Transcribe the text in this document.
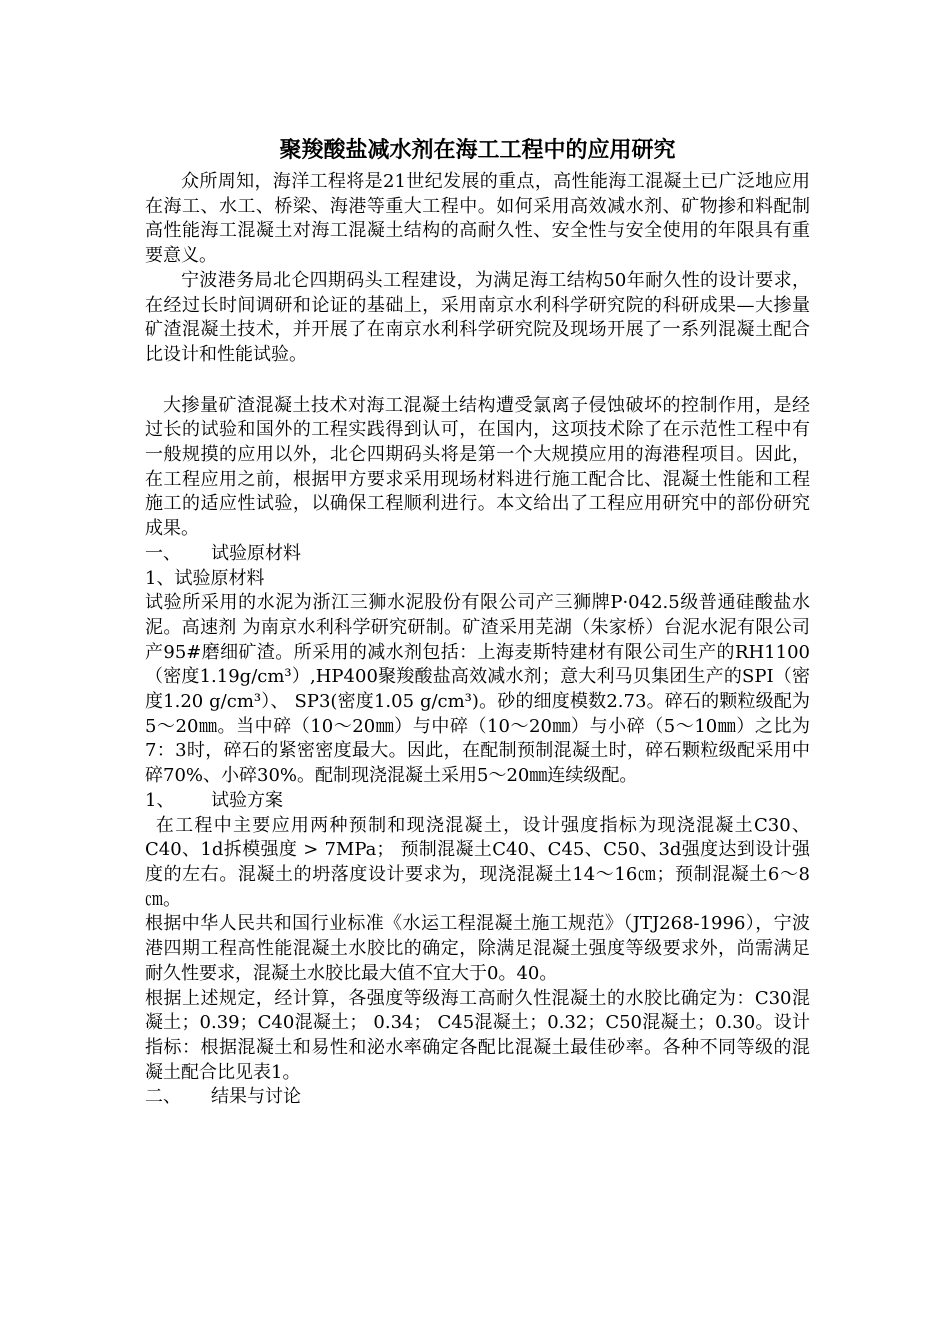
聚羧酸盐减水剂在海工工程中的应用研究

众所周知，海洋工程将是21世纪发展的重点，高性能海工混凝土已广泛地应用在海工、水工、桥梁、海港等重大工程中。如何采用高效减水剂、矿物掺和料配制高性能海工混凝土对海工混凝土结构的高耐久性、安全性与安全使用的年限具有重要意义。

宁波港务局北仑四期码头工程建设，为满足海工结构50年耐久性的设计要求，在经过长时间调研和论证的基础上，采用南京水利科学研究院的科研成果—大掺量矿渣混凝土技术，并开展了在南京水利科学研究院及现场开展了一系列混凝土配合比设计和性能试验。

大掺量矿渣混凝土技术对海工混凝土结构遭受氯离子侵蚀破坏的控制作用，是经过长的试验和国外的工程实践得到认可，在国内，这项技术除了在示范性工程中有一般规摸的应用以外，北仑四期码头将是第一个大规摸应用的海港程项目。因此，在工程应用之前，根据甲方要求采用现场材料进行施工配合比、混凝土性能和工程施工的适应性试验，以确保工程顺利进行。本文给出了工程应用研究中的部份研究成果。

一、 试验原材料
1、试验原材料

试验所采用的水泥为浙江三狮水泥股份有限公司产三狮牌P·042.5级普通硅酸盐水泥。高速剂 为南京水利科学研究研制。矿渣采用芜湖（朱家桥）台泥水泥有限公司产95#磨细矿渣。所采用的减水剂包括：上海麦斯特建材有限公司生产的RH1100（密度1.19g/cm³）,HP400聚羧酸盐高效减水剂；意大利马贝集团生产的SPI（密度1.20 g/cm³）、 SP3(密度1.05 g/cm³)。砂的细度模数2.73。碎石的颗粒级配为5～20㎜。当中碎（10～20㎜）与中碎（10～20㎜）与小碎（5～10㎜）之比为7：3时，碎石的紧密密度最大。因此，在配制预制混凝土时，碎石颗粒级配采用中碎70%、小碎30%。配制现浇混凝土采用5～20㎜连续级配。

1、 试验方案

在工程中主要应用两种预制和现浇混凝土，设计强度指标为现浇混凝土C30、C40、1d拆模强度 > 7MPa； 预制混凝土C40、C45、C50、3d强度达到设计强度的左右。混凝土的坍落度设计要求为，现浇混凝土14～16㎝；预制混凝土6～8㎝。

根据中华人民共和国行业标准《水运工程混凝土施工规范》（JTJ268-1996），宁波港四期工程高性能混凝土水胶比的确定，除满足混凝土强度等级要求外，尚需满足耐久性要求，混凝土水胶比最大值不宜大于0。40。

根据上述规定，经计算，各强度等级海工高耐久性混凝土的水胶比确定为：C30混凝土；0.39；C40混凝土； 0.34； C45混凝土；0.32；C50混凝土；0.30。设计指标：根据混凝土和易性和泌水率确定各配比混凝土最佳砂率。各种不同等级的混凝土配合比见表1。

二、 结果与讨论
